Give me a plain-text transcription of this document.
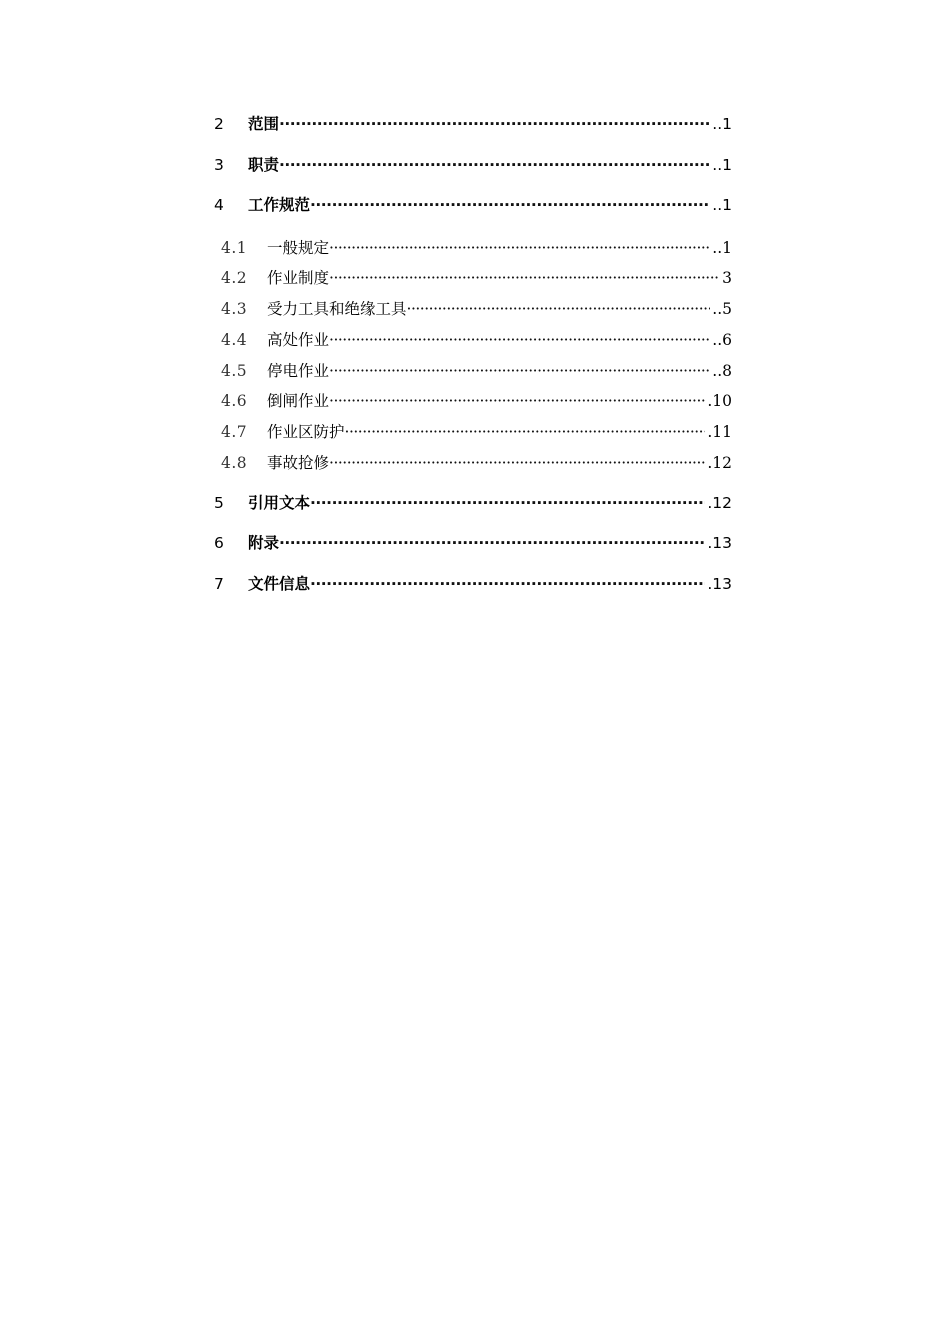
2	范围 ·····	..1
3	职责 ·····	..1
4	工作规范 ·····	..1
4.1	一般规定 ·····	..1
4.2	作业制度 ·····	3
4.3	受力工具和绝缘工具 ·····	..5
4.4	高处作业 ·····	..6
4.5	停电作业 ·····	..8
4.6	倒闸作业 ·····	.10
4.7	作业区防护 ·····	.11
4.8	事故抢修 ·····	.12
5	引用文本 ·····	.12
6	附录 ·····	.13
7	文件信息 ·····	.13
